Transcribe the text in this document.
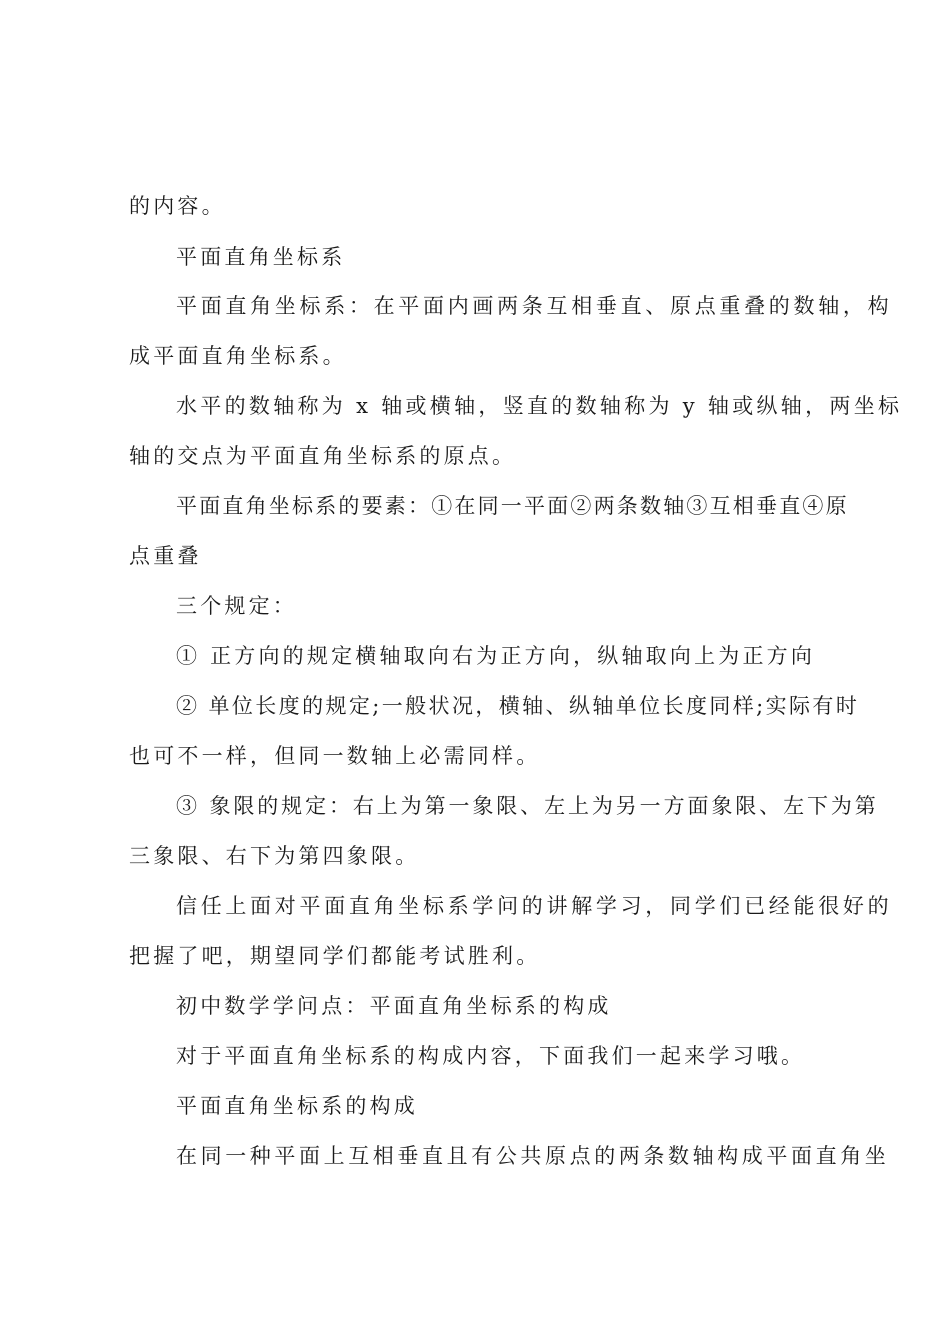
的内容。
平面直角坐标系
平面直角坐标系：在平面内画两条互相垂直、原点重叠的数轴，构
成平面直角坐标系。
水平的数轴称为 x 轴或横轴，竖直的数轴称为 y 轴或纵轴，两坐标
轴的交点为平面直角坐标系的原点。
平面直角坐标系的要素：①在同一平面②两条数轴③互相垂直④原
点重叠
三个规定：
① 正方向的规定横轴取向右为正方向，纵轴取向上为正方向
② 单位长度的规定;一般状况，横轴、纵轴单位长度同样;实际有时
也可不一样，但同一数轴上必需同样。
③ 象限的规定：右上为第一象限、左上为另一方面象限、左下为第
三象限、右下为第四象限。
信任上面对平面直角坐标系学问的讲解学习，同学们已经能很好的
把握了吧，期望同学们都能考试胜利。
初中数学学问点：平面直角坐标系的构成
对于平面直角坐标系的构成内容，下面我们一起来学习哦。
平面直角坐标系的构成
在同一种平面上互相垂直且有公共原点的两条数轴构成平面直角坐
